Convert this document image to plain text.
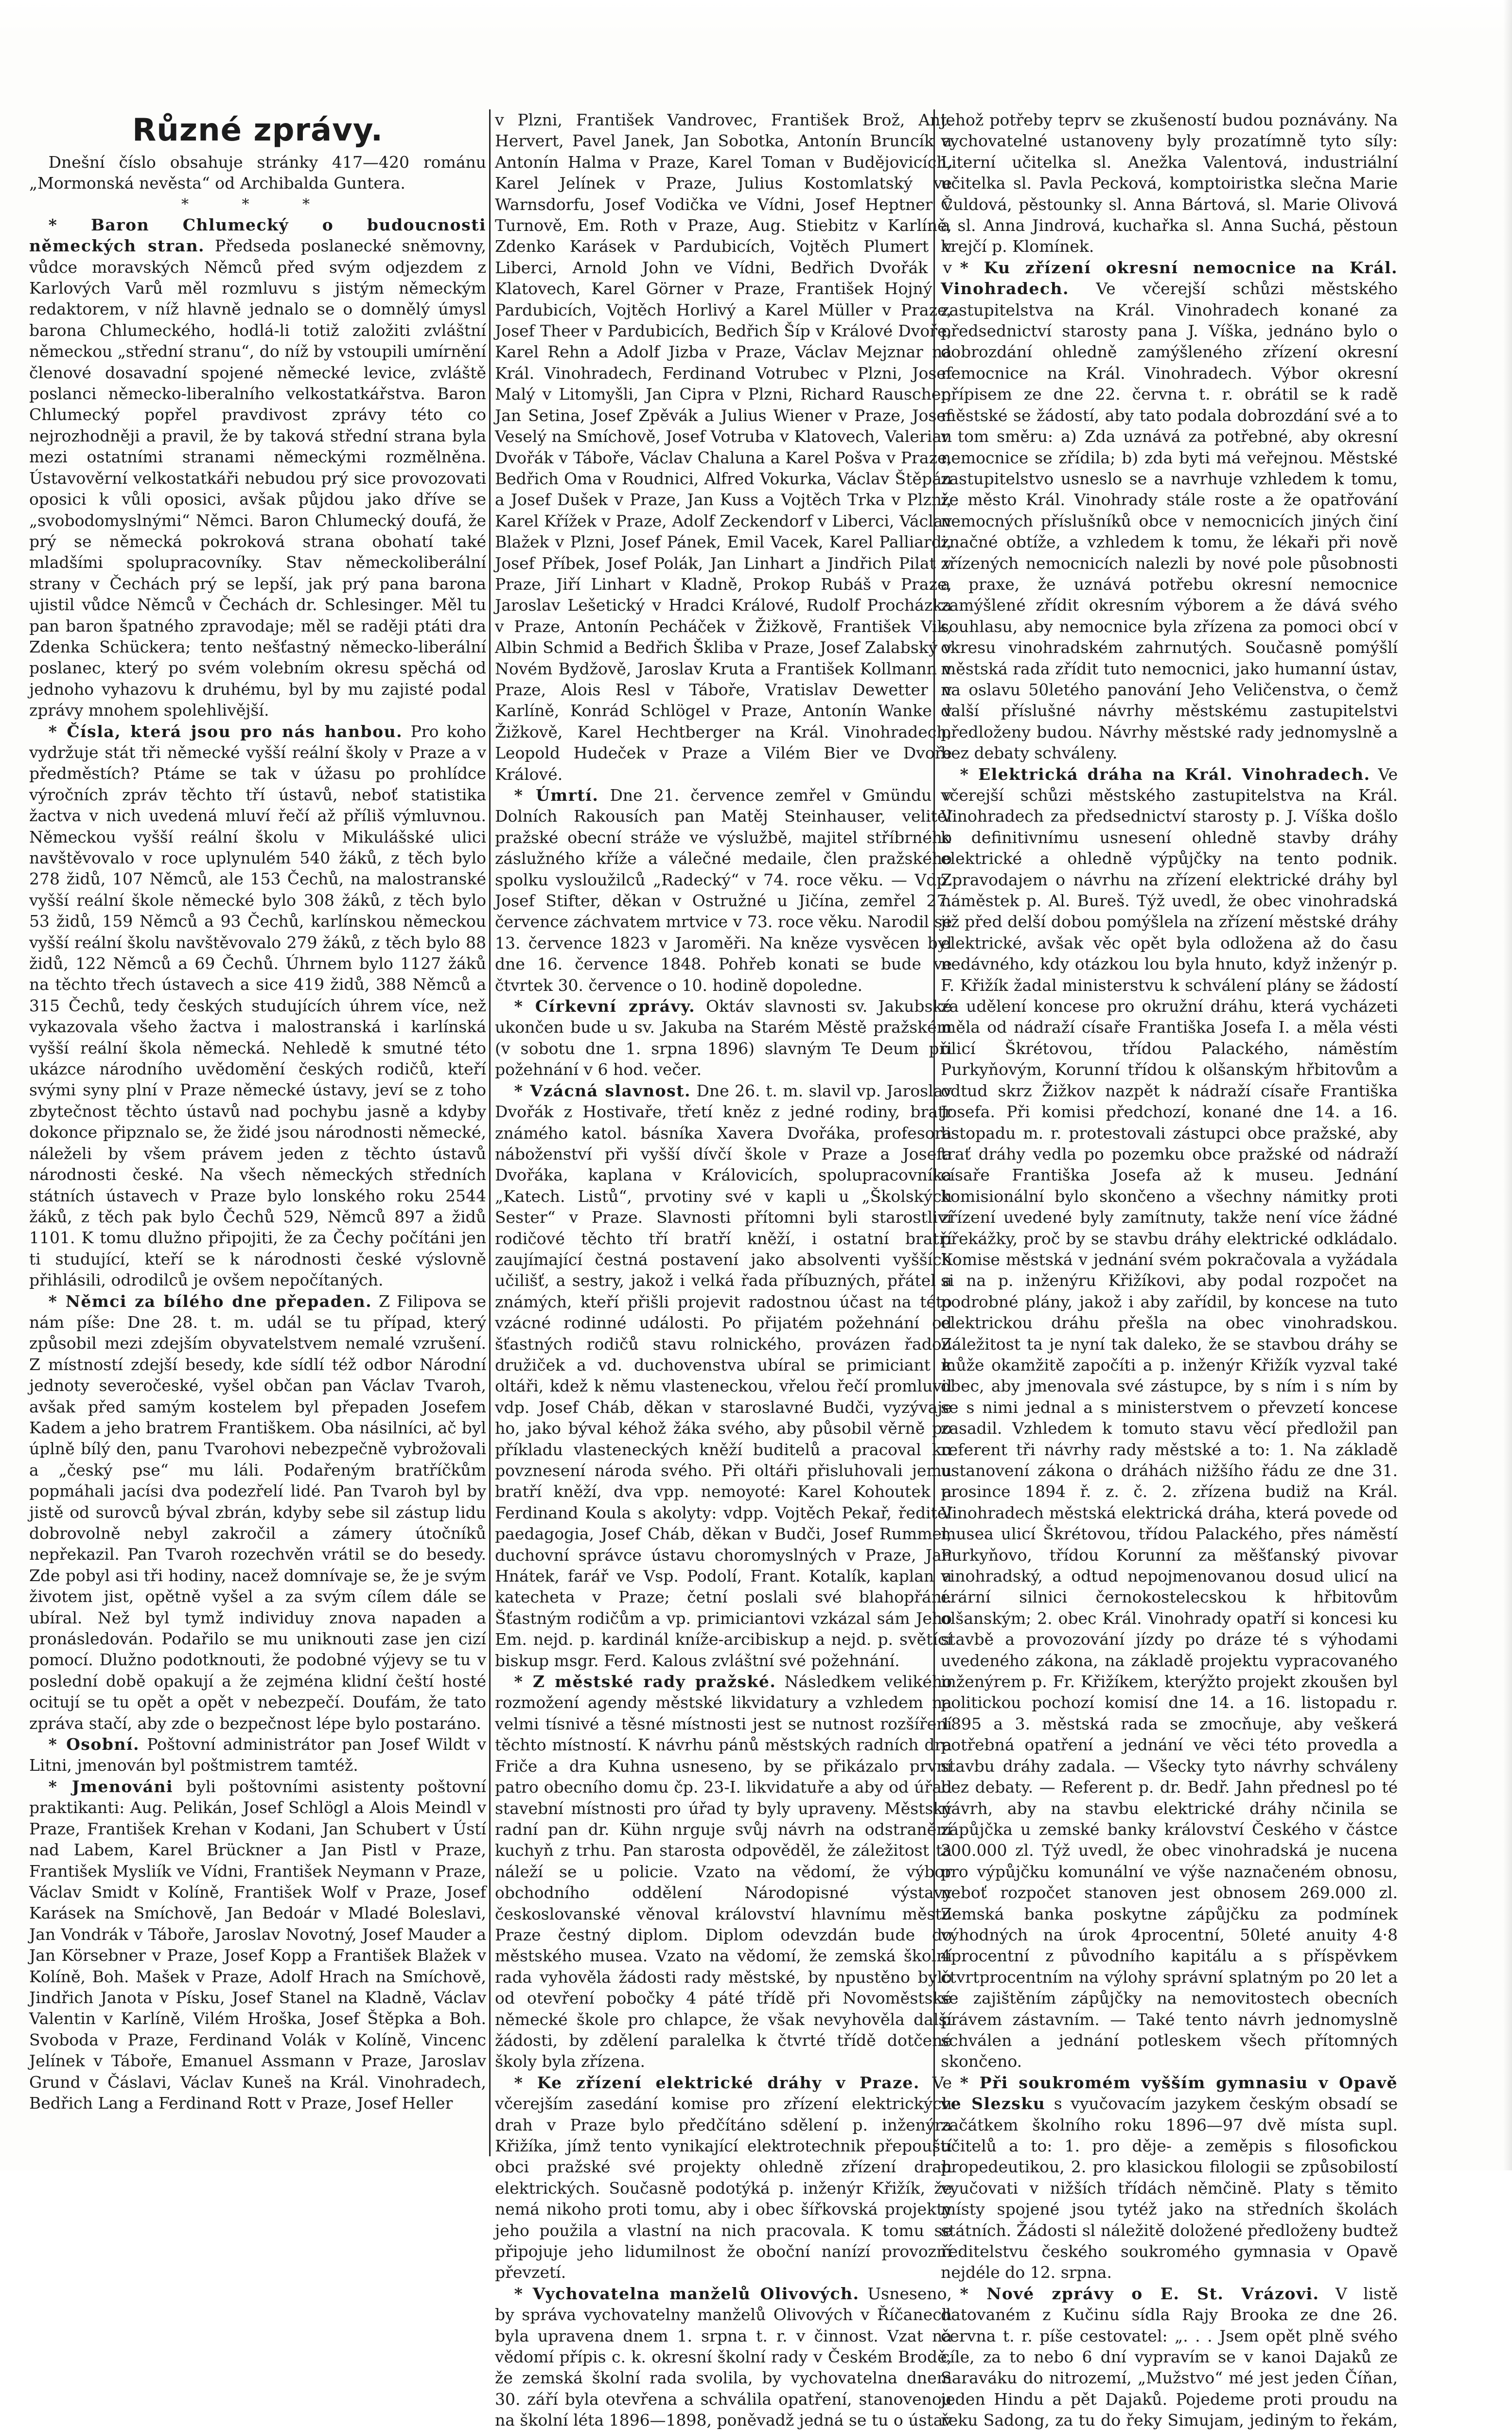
Různé zprávy.

Dnešní číslo obsahuje stránky 417—420 románu „Mormonská nevěsta“ od Archibalda Guntera.

* * *

* Baron Chlumecký o budoucnosti německých stran. Předseda poslanecké sněmovny, vůdce moravských Němců před svým odjezdem z Karlových Varů měl rozmluvu s jistým německým redaktorem, v níž hlavně jednalo se o domnělý úmysl barona Chlumeckého, hodlá-li totiž založiti zvláštní německou „střední stranu“, do níž by vstoupili umírnění členové dosavadní spojené německé levice, zvláště poslanci německo-liberalního velkostatkářstva. Baron Chlumecký popřel pravdivost zprávy této co nejrozhodněji a pravil, že by taková střední strana byla mezi ostatními stranami německými rozmělněna. Ústavověrní velkostatkáři nebudou prý sice provozovati oposici k vůli oposici, avšak půjdou jako dříve se „svobodomyslnými“ Němci. Baron Chlumecký doufá, že prý se německá pokroková strana obohatí také mladšími spolupracovníky. Stav německoliberální strany v Čechách prý se lepší, jak prý pana barona ujistil vůdce Němců v Čechách dr. Schlesinger. Měl tu pan baron špatného zpravodaje; měl se raději ptáti dra Zdenka Schückera; tento nešťastný německo-liberální poslanec, který po svém volebním okresu spěchá od jednoho vyhazovu k druhému, byl by mu zajisté podal zprávy mnohem spolehlivější.

* Čísla, která jsou pro nás hanbou. Pro koho vydržuje stát tři německé vyšší reální školy v Praze a v předměstích? Ptáme se tak v úžasu po prohlídce výročních zpráv těchto tří ústavů, neboť statistika žactva v nich uvedená mluví řečí až příliš výmluvnou. Německou vyšší reální školu v Mikulášské ulici navštěvovalo v roce uplynulém 540 žáků, z těch bylo 278 židů, 107 Němců, ale 153 Čechů, na malostranské vyšší reální škole německé bylo 308 žáků, z těch bylo 53 židů, 159 Němců a 93 Čechů, karlínskou německou vyšší reální školu navštěvovalo 279 žáků, z těch bylo 88 židů, 122 Němců a 69 Čechů. Úhrnem bylo 1127 žáků na těchto třech ústavech a sice 419 židů, 388 Němců a 315 Čechů, tedy českých studujících úhrem více, než vykazovala všeho žactva i malostranská i karlínská vyšší reální škola německá. Nehledě k smutné této ukázce národního uvědomění českých rodičů, kteří svými syny plní v Praze německé ústavy, jeví se z toho zbytečnost těchto ústavů nad pochybu jasně a kdyby dokonce připznalo se, že židé jsou národnosti německé, náleželi by všem právem jeden z těchto ústavů národnosti české. Na všech německých středních státních ústavech v Praze bylo lonského roku 2544 žáků, z těch pak bylo Čechů 529, Němců 897 a židů 1101. K tomu dlužno připojiti, že za Čechy počítáni jen ti studující, kteří se k národnosti české výslovně přihlásili, odrodilců je ovšem nepočítaných.

* Němci za bílého dne přepaden. Z Filipova se nám píše: Dne 28. t. m. udál se tu případ, který způsobil mezi zdejším obyvatelstvem nemalé vzrušení. Z místností zdejší besedy, kde sídlí též odbor Národní jednoty severočeské, vyšel občan pan Václav Tvaroh, avšak před samým kostelem byl přepaden Josefem Kadem a jeho bratrem Františkem. Oba násilníci, ač byl úplně bílý den, panu Tvarohovi nebezpečně vybrožovali a „český pse“ mu láli. Podařeným bratříčkům popmáhali jacísi dva podezřelí lidé. Pan Tvaroh byl by jistě od surovců býval zbrán, kdyby sebe sil zástup lidu dobrovolně nebyl zakročil a zámery útočníků nepřekazil. Pan Tvaroh rozechvěn vrátil se do besedy. Zde pobyl asi tři hodiny, nacež domnívaje se, že je svým životem jist, opětně vyšel a za svým cílem dále se ubíral. Než byl tymž individuy znova napaden a pronásledován. Podařilo se mu uniknouti zase jen cizí pomocí. Dlužno podotknouti, že podobné výjevy se tu v poslední době opakují a že zejména klidní čeští hosté ocitují se tu opět a opět v nebezpečí. Doufám, že tato zpráva stačí, aby zde o bezpečnost lépe bylo postaráno.

* Osobní. Poštovní administrátor pan Josef Wildt v Litni, jmenován byl poštmistrem tamtéž.

* Jmenováni byli poštovními asistenty poštovní praktikanti: Aug. Pelikán, Josef Schlögl a Alois Meindl v Praze, František Krehan v Kodani, Jan Schubert v Ústí nad Labem, Karel Brückner a Jan Pistl v Praze, František Mysliík ve Vídni, František Neymann v Praze, Václav Smidt v Kolíně, František Wolf v Praze, Josef Karásek na Smíchově, Jan Bedoár v Mladé Boleslavi, Jan Vondrák v Táboře, Jaroslav Novotný, Josef Mauder a Jan Körsebner v Praze, Josef Kopp a František Blažek v Kolíně, Boh. Mašek v Praze, Adolf Hrach na Smíchově, Jindřich Janota v Písku, Josef Stanel na Kladně, Václav Valentin v Karlíně, Vilém Hroška, Josef Štěpka a Boh. Svoboda v Praze, Ferdinand Volák v Kolíně, Vincenc Jelínek v Táboře, Emanuel Assmann v Praze, Jaroslav Grund v Čáslavi, Václav Kuneš na Král. Vinohradech, Bedřich Lang a Ferdinand Rott v Praze, Josef Heller

v Plzni, František Vandrovec, František Brož, Ant. Hervert, Pavel Janek, Jan Sobotka, Antonín Bruncík a Antonín Halma v Praze, Karel Toman v Budějovicích, Karel Jelínek v Praze, Julius Kostomlatský ve Warnsdorfu, Josef Vodička ve Vídni, Josef Heptner v Turnově, Em. Roth v Praze, Aug. Stiebitz v Karlíně, Zdenko Karásek v Pardubicích, Vojtěch Plumert v Liberci, Arnold John ve Vídni, Bedřich Dvořák v Klatovech, Karel Görner v Praze, František Hojný v Pardubicích, Vojtěch Horlivý a Karel Müller v Praze, Josef Theer v Pardubicích, Bedřich Šíp v Králové Dvoře, Karel Rehn a Adolf Jizba v Praze, Václav Mejznar na Král. Vinohradech, Ferdinand Votrubec v Plzni, Josef Malý v Litomyšli, Jan Cipra v Plzni, Richard Rauscher, Jan Setina, Josef Zpěvák a Julius Wiener v Praze, Josef Veselý na Smíchově, Josef Votruba v Klatovech, Valerian Dvořák v Táboře, Václav Chaluna a Karel Pošva v Praze, Bedřich Oma v Roudnici, Alfred Vokurka, Václav Štěpán a Josef Dušek v Praze, Jan Kuss a Vojtěch Trka v Plzni, Karel Křížek v Praze, Adolf Zeckendorf v Liberci, Václav Blažek v Plzni, Josef Pánek, Emil Vacek, Karel Palliardi, Josef Příbek, Josef Polák, Jan Linhart a Jindřich Pilat v Praze, Jiří Linhart v Kladně, Prokop Rubáš v Praze, Jaroslav Lešetický v Hradci Králové, Rudolf Procházka v Praze, Antonín Pecháček v Žižkově, František Vik, Albin Schmid a Bedřich Škliba v Praze, Josef Zalabský v Novém Bydžově, Jaroslav Kruta a František Kollmann v Praze, Alois Resl v Táboře, Vratislav Dewetter v Karlíně, Konrád Schlögel v Praze, Antonín Wanke v Žižkově, Karel Hechtberger na Král. Vinohradech, Leopold Hudeček v Praze a Vilém Bier ve Dvoře Králové.

* Úmrtí. Dne 21. července zemřel v Gmündu v Dolních Rakousích pan Matěj Steinhauser, velitel pražské obecní stráže ve výslužbě, majitel stříbrného záslužného kříže a válečné medaile, člen pražského spolku vysloužilců „Radecký“ v 74. roce věku. — Vdp. Josef Stifter, děkan v Ostružné u Jičína, zemřel 27. července záchvatem mrtvice v 73. roce věku. Narodil se 13. července 1823 v Jaroměři. Na kněze vysvěcen byl dne 16. července 1848. Pohřeb konati se bude ve čtvrtek 30. července o 10. hodině dopoledne.

* Církevní zprávy. Oktáv slavnosti sv. Jakubské ukončen bude u sv. Jakuba na Starém Městě pražském (v sobotu dne 1. srpna 1896) slavným Te Deum při požehnání v 6 hod. večer.

* Vzácná slavnost. Dne 26. t. m. slavil vp. Jaroslav Dvořák z Hostivaře, třetí kněz z jedné rodiny, bratr známého katol. básníka Xavera Dvořáka, profesora náboženství při vyšší dívčí škole v Praze a Josefa Dvořáka, kaplana v Královicích, spolupracovníka „Katech. Listů“, prvotiny své v kapli u „Školských Sester“ v Praze. Slavnosti přítomni byli starostliví rodičové těchto tří bratří kněží, i ostatní bratří zaujímající čestná postavení jako absolventi vyšších učilišť, a sestry, jakož i velká řada příbuzných, přátel a známých, kteří přišli projevit radostnou účast na této vzácné rodinné události. Po přijatém požehnání od šťastných rodičů stavu rolnického, provázen řadou družiček a vd. duchovenstva ubíral se primiciant k oltáři, kdež k němu vlasteneckou, vřelou řečí promluvil vdp. Josef Cháb, děkan v staroslavné Budči, vyzývaje ho, jako býval kéhož žáka svého, aby působil věrně po příkladu vlasteneckých kněží buditelů a pracoval ku povznesení národa svého. Při oltáři přisluhovali jemu bratří kněží, dva vpp. nemoyoté: Karel Kohoutek a Ferdinand Koula s akolyty: vdpp. Vojtěch Pekař, ředitel paedagogia, Josef Cháb, děkan v Budči, Josef Rummel, duchovní správce ústavu choromyslných v Praze, Jan Hnátek, farář ve Vsp. Podolí, Frant. Kotalík, kaplan a katecheta v Praze; četní poslali své blahopřání. Šťastným rodičům a vp. primiciantovi vzkázal sám Jeho Em. nejd. p. kardinál kníže-arcibiskup a nejd. p. světící biskup msgr. Ferd. Kalous zvláštní své požehnání.

* Z městské rady pražské. Následkem velikého rozmožení agendy městské likvidatury a vzhledem na velmi tísnivé a těsné místnosti jest se nutnost rozšíření těchto místností. K návrhu pánů městských radních dra Friče a dra Kuhna usneseno, by se přikázalo první patro obecního domu čp. 23-I. likvidatuře a aby od úřad stavební místnosti pro úřad ty byly upraveny. Městský radní pan dr. Kühn nrguje svůj návrh na odstranění kuchyň z trhu. Pan starosta odpověděl, že záležitost ta náleží se u policie. Vzato na vědomí, že výbor obchodního oddělení Národopisné výstavy českoslovanské věnoval království hlavnímu městu Praze čestný diplom. Diplom odevzdán bude do městského musea. Vzato na vědomí, že zemská školní rada vyhověla žádosti rady městské, by npustěno bylo od otevření pobočky 4 páté třídě při Novoměstské německé škole pro chlapce, že však nevyhověla další žádosti, by zdělení paralelka k čtvrté třídě dotčené školy byla zřízena.

* Ke zřízení elektrické dráhy v Praze. Ve včerejším zasedání komise pro zřízení elektrických drah v Praze bylo předčítáno sdělení p. inženýra Křižíka, jímž tento vynikající elektrotechnik přepouští obci pražské své projekty ohledně zřízení drah elektrických. Současně podotýká p. inženýr Křižík, že nemá nikoho proti tomu, aby i obec šířkovská projekty jeho použila a vlastní na nich pracovala. K tomu se připojuje jeho lidumilnost že oboční nanízí provozní převzetí.

* Vychovatelna manželů Olivových. Usneseno, by správa vychovatelny manželů Olivových v Říčanech byla upravena dnem 1. srpna t. r. v činnost. Vzat na vědomí přípis c. k. okresní školní rady v Českém Brodě, že zemská školní rada svolila, by vychovatelna dnem 30. září byla otevřena a schválila opatření, stanovenou na školní léta 1896—1898, poněvadž jedná se tu o ústav

jehož potřeby teprv se zkušeností budou poznávány. Na vychovatelné ustanoveny byly prozatímně tyto síly: Literní učitelka sl. Anežka Valentová, industriální učitelka sl. Pavla Pecková, komptoiristka slečna Marie Čuldová, pěstounky sl. Anna Bártová, sl. Marie Olivová a sl. Anna Jindrová, kuchařka sl. Anna Suchá, pěstoun krejčí p. Klomínek.

* Ku zřízení okresní nemocnice na Král. Vinohradech. Ve včerejší schůzi městského zastupitelstva na Král. Vinohradech konané za předsednictví starosty pana J. Víška, jednáno bylo o dobrozdání ohledně zamýšleného zřízení okresní nemocnice na Král. Vinohradech. Výbor okresní přípisem ze dne 22. června t. r. obrátil se k radě městské se žádostí, aby tato podala dobrozdání své a to v tom směru: a) Zda uznává za potřebné, aby okresní nemocnice se zřídila; b) zda byti má veřejnou. Městské zastupitelstvo usneslo se a navrhuje vzhledem k tomu, že město Král. Vinohrady stále roste a že opatřování nemocných příslušníků obce v nemocnicích jiných činí značné obtíže, a vzhledem k tomu, že lékaři při nově zřízených nemocnicích nalezli by nové pole působnosti a praxe, že uznává potřebu okresní nemocnice zamýšlené zřídit okresním výborem a že dává svého souhlasu, aby nemocnice byla zřízena za pomoci obcí v okresu vinohradském zahrnutých. Současně pomýšlí městská rada zřídit tuto nemocnici, jako humanní ústav, na oslavu 50letého panování Jeho Veličenstva, o čemž další příslušné návrhy městskému zastupitelstvi předloženy budou. Návrhy městské rady jednomyslně a bez debaty schváleny.

* Elektrická dráha na Král. Vinohradech. Ve včerejší schůzi městského zastupitelstva na Král. Vinohradech za předsednictví starosty p. J. Víška došlo k definitivnímu usnesení ohledně stavby dráhy elektrické a ohledně výpůjčky na tento podnik. Zpravodajem o návrhu na zřízení elektrické dráhy byl náměstek p. Al. Bureš. Týž uvedl, že obec vinohradská již před delší dobou pomýšlela na zřízení městské dráhy elektrické, avšak věc opět byla odložena až do času nedávného, kdy otázkou lou byla hnuto, když inženýr p. F. Křižík žadal ministerstvu k schválení plány se žádostí za udělení koncese pro okružní dráhu, která vycházeti měla od nádraží císaře Františka Josefa I. a měla vésti ulicí Škrétovou, třídou Palackého, náměstím Purkyňovým, Korunní třídou k olšanským hřbitovům a odtud skrz Žižkov nazpět k nádraží císaře Františka Josefa. Při komisi předchozí, konané dne 14. a 16. listopadu m. r. protestovali zástupci obce pražské, aby trať dráhy vedla po pozemku obce pražské od nádraží císaře Františka Josefa až k museu. Jednání komisionální bylo skončeno a všechny námitky proti zřízení uvedené byly zamítnuty, takže není více žádné překážky, proč by se stavbu dráhy elektrické odkládalo. Komise městská v jednání svém pokračovala a vyžádala si na p. inženýru Křižíkovi, aby podal rozpočet na podrobné plány, jakož i aby zařídil, by koncese na tuto elektrickou dráhu přešla na obec vinohradskou. Záležitost ta je nyní tak daleko, že se stavbou dráhy se může okamžitě započíti a p. inženýr Křižík vyzval také obec, aby jmenovala své zástupce, by s ním i s ním by se s nimi jednal a s ministerstvem o převzetí koncese zasadil. Vzhledem k tomuto stavu věcí předložil pan referent tři návrhy rady městské a to: 1. Na základě ustanovení zákona o dráhách nižšího řádu ze dne 31. prosince 1894 ř. z. č. 2. zřízena budiž na Král. Vinohradech městská elektrická dráha, která povede od musea ulicí Škrétovou, třídou Palackého, přes náměstí Purkyňovo, třídou Korunní za měšťanský pivovar vinohradský, a odtud nepojmenovanou dosud ulicí na erární silnici černokostelecskou k hřbitovům olšanským; 2. obec Král. Vinohrady opatří si koncesi ku stavbě a provozování jízdy po dráze té s výhodami uvedeného zákona, na základě projektu vypracovaného inženýrem p. Fr. Křižíkem, kterýžto projekt zkoušen byl politickou pochozí komisí dne 14. a 16. listopadu r. 1895 a 3. městská rada se zmocňuje, aby veškerá potřebná opatření a jednání ve věci této provedla a stavbu dráhy zadala. — Všecky tyto návrhy schváleny bez debaty. — Referent p. dr. Bedř. Jahn přednesl po té návrh, aby na stavbu elektrické dráhy nčinila se zápůjčka u zemské banky království Českého v částce 300.000 zl. Týž uvedl, že obec vinohradská je nucena pro výpůjčku komunální ve výše naznačeném obnosu, neboť rozpočet stanoven jest obnosem 269.000 zl. Zemská banka poskytne zápůjčku za podmínek výhodných na úrok 4procentní, 50leté anuity 4·8 4procentní z původního kapitálu a s příspěvkem čtvrtprocentním na výlohy správní splatným po 20 let a se zajištěním zápůjčky na nemovitostech obecních právem zástavním. — Také tento návrh jednomyslně schválen a jednání potleskem všech přítomných skončeno.

* Při soukromém vyšším gymnasiu v Opavě ve Slezsku s vyučovacím jazykem českým obsadí se začátkem školního roku 1896—97 dvě místa supl. učitelů a to: 1. pro děje- a zeměpis s filosofickou propedeutikou, 2. pro klasickou filologii se způsobilostí vyučovati v nižších třídách němčině. Platy s těmito místy spojené jsou tytéž jako na středních školách státních. Žádosti sl náležitě doložené předloženy budtež ředitelstvu českého soukromého gymnasia v Opavě nejdéle do 12. srpna.

* Nové zprávy o E. St. Vrázovi. V listě datovaném z Kučinu sídla Rajy Brooka ze dne 26. června t. r. píše cestovatel: „. . . Jsem opět plně svého cíle, za to nebo 6 dní vypravím se v kanoi Dajaků ze Saraváku do nitrozemí, „Mužstvo“ mé jest jeden Číňan, jeden Hindu a pět Dajaků. Pojedeme proti proudu na řeku Sadong, za tu do řeky Simujam, jediným to řekám,
